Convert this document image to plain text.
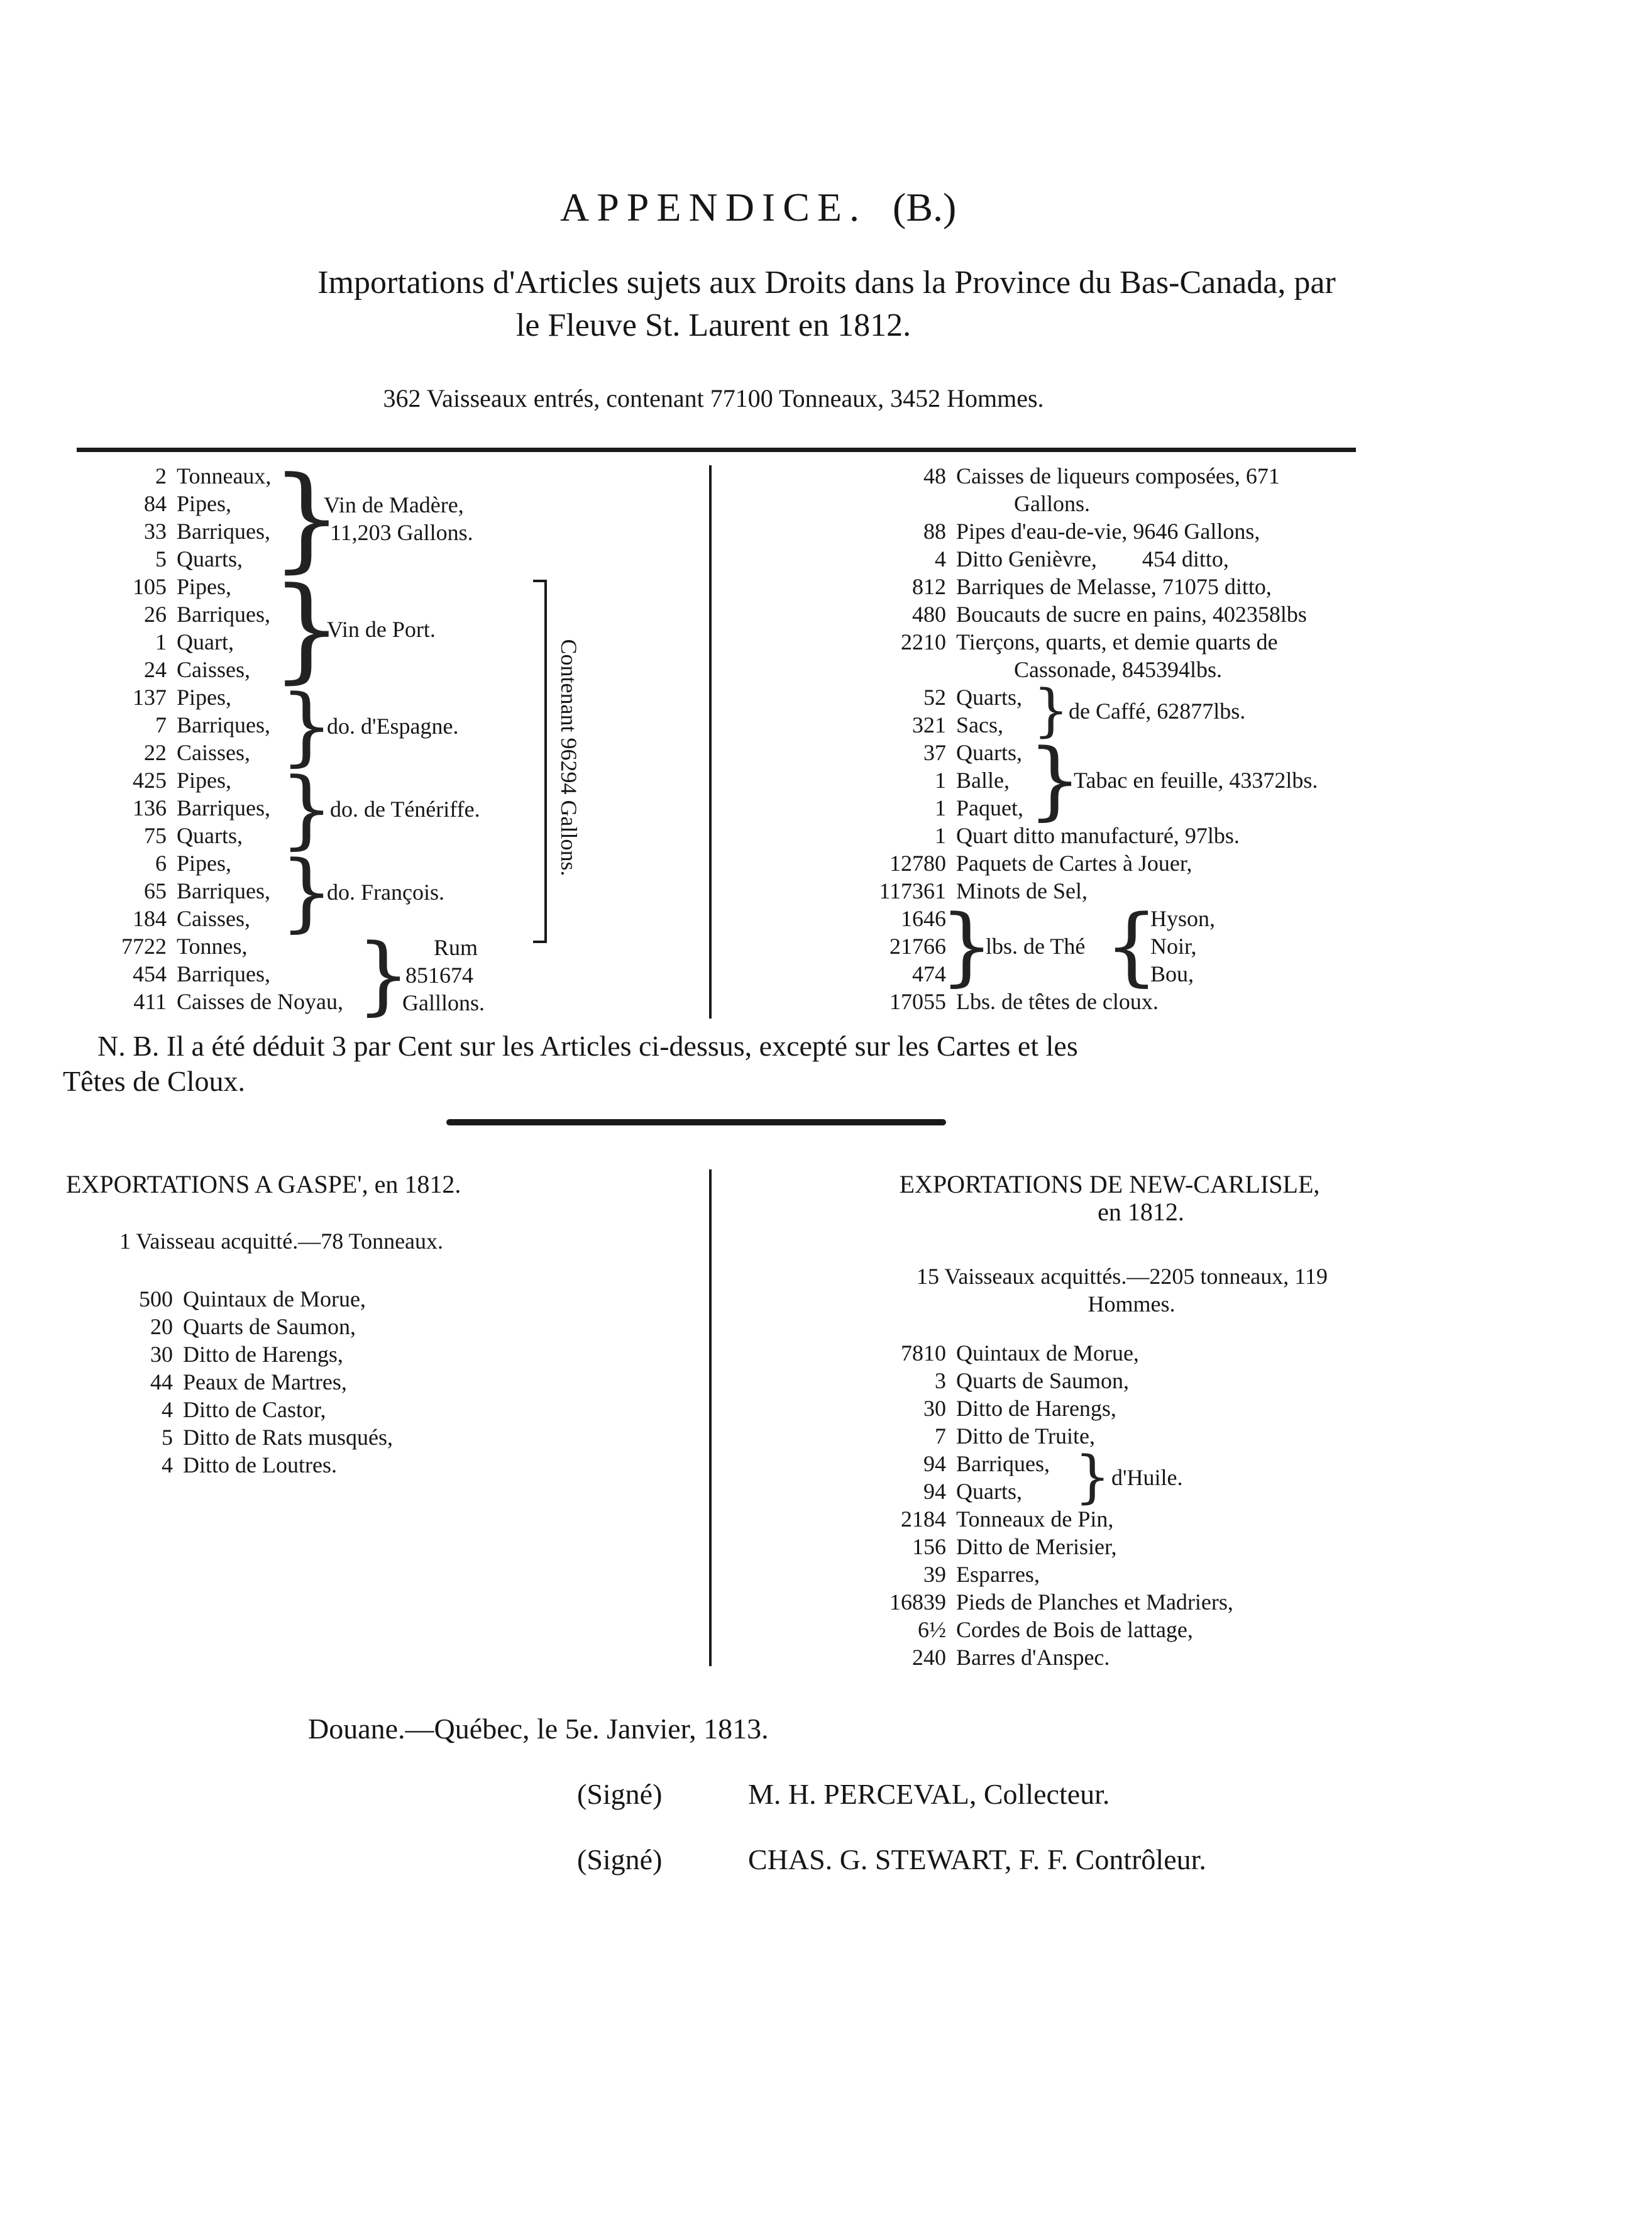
APPENDICE. (B.)
Importations d'Articles sujets aux Droits dans la Province du Bas-Canada, par
le Fleuve St. Laurent en 1812.
362 Vaisseaux entrés, contenant 77100 Tonneaux, 3452 Hommes.
2 Tonneaux,
84 Pipes,
33 Barriques,
5 Quarts,
105 Pipes,
26 Barriques,
1 Quart,
24 Caisses,
137 Pipes,
7 Barriques,
22 Caisses,
425 Pipes,
136 Barriques,
75 Quarts,
6 Pipes,
65 Barriques,
184 Caisses,
7722 Tonnes,
454 Barriques,
411 Caisses de Noyau,
}
}
}
}
}
}
Vin de Madère,
11,203 Gallons.
Vin de Port.
do. d'Espagne.
do. de Ténériffe.
do. François.
Rum
851674
Galllons.
Contenant 96294 Gallons.
48 Caisses de liqueurs composées, 671
Gallons.
88 Pipes d'eau-de-vie, 9646 Gallons,
4 Ditto Genièvre,        454 ditto,
812 Barriques de Melasse, 71075 ditto,
480 Boucauts de sucre en pains, 402358lbs
2210 Tierçons, quarts, et demie quarts de
Cassonade, 845394lbs.
52 Quarts,
321 Sacs, } de Caffé, 62877lbs.
37 Quarts,
1 Balle,
1 Paquet, }
Tabac en feuille, 43372lbs.
1 Quart ditto manufacturé, 97lbs.
12780 Paquets de Cartes à Jouer,
117361 Minots de Sel,
1646
21766
474
}
lbs. de Thé {
Hyson,
Noir,
Bou,
17055 Lbs. de têtes de cloux.
N. B. Il a été déduit 3 par Cent sur les Articles ci-dessus, excepté sur les Cartes et les
Têtes de Cloux.
EXPORTATIONS A GASPE', en 1812.
1 Vaisseau acquitté.—78 Tonneaux.
500 Quintaux de Morue,
20 Quarts de Saumon,
30 Ditto de Harengs,
44 Peaux de Martres,
4 Ditto de Castor,
5 Ditto de Rats musqués,
4 Ditto de Loutres.
EXPORTATIONS DE NEW-CARLISLE,
en 1812.
15 Vaisseaux acquittés.—2205 tonneaux, 119
Hommes.
7810 Quintaux de Morue,
3 Quarts de Saumon,
30 Ditto de Harengs,
7 Ditto de Truite,
94 Barriques,
94 Quarts, } d'Huile.
2184 Tonneaux de Pin,
156 Ditto de Merisier,
39 Esparres,
16839 Pieds de Planches et Madriers,
6½ Cordes de Bois de lattage,
240 Barres d'Anspec.
Douane.—Québec, le 5e. Janvier, 1813.
(Signé)	M. H. PERCEVAL, Collecteur.
(Signé)	CHAS. G. STEWART, F. F. Contrôleur.
